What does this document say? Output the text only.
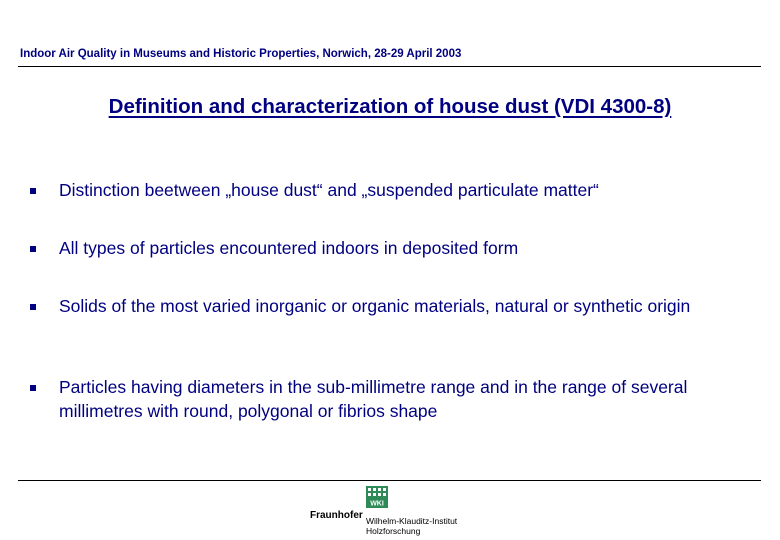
Indoor Air Quality in Museums and Historic Properties, Norwich, 28-29 April 2003
Definition and characterization of house dust (VDI 4300-8)
Distinction beetween „house dust“ and „suspended particulate matter“
All types of particles encountered indoors in deposited form
Solids of the most varied inorganic or organic materials, natural or synthetic origin
Particles having diameters in the sub-millimetre range and in the range of several millimetres with round, polygonal or fibrios shape
WKI
Fraunhofer Wilhelm-Klauditz-Institut
Holzforschung
